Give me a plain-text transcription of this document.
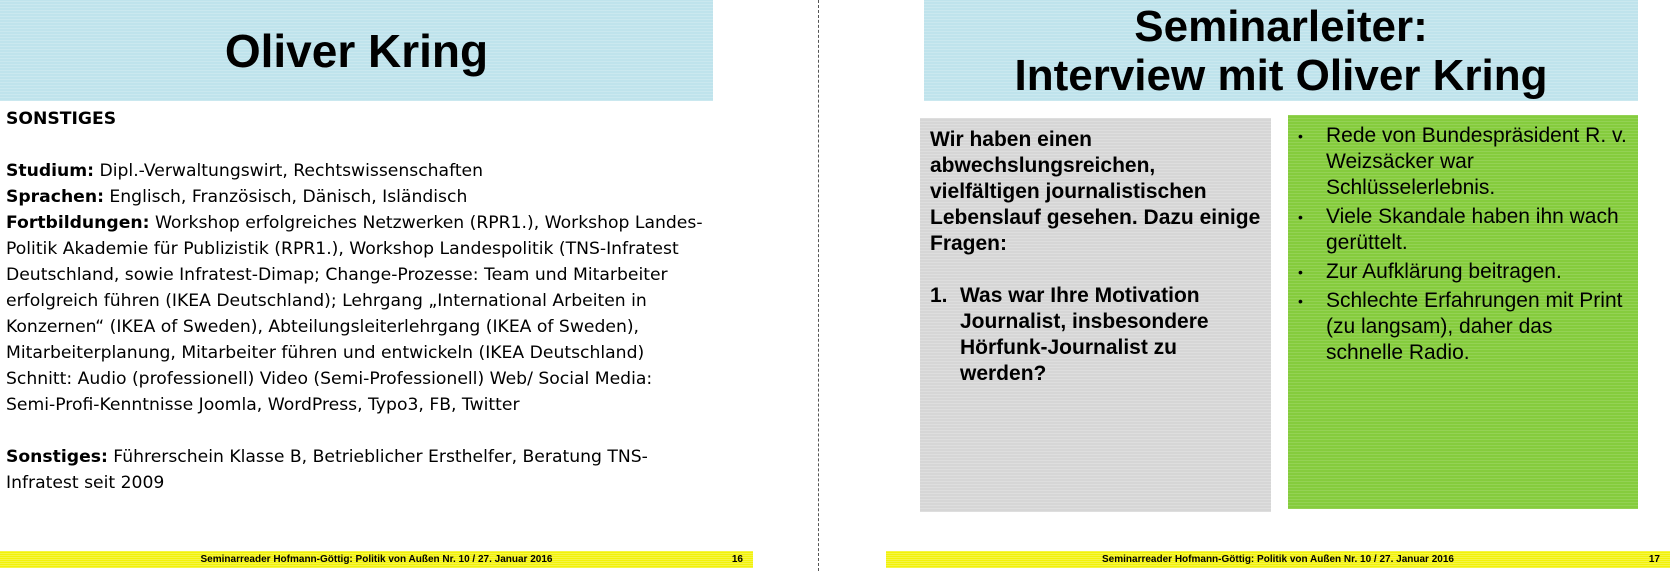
Oliver Kring

SONSTIGES

Studium: Dipl.-Verwaltungswirt, Rechtswissenschaften

Sprachen: Englisch, Französisch, Dänisch, Isländisch

Fortbildungen: Workshop erfolgreiches Netzwerken (RPR1.), Workshop Landes-Politik Akademie für Publizistik (RPR1.), Workshop Landespolitik (TNS-Infratest Deutschland, sowie Infratest-Dimap; Change-Prozesse: Team und Mitarbeiter erfolgreich führen (IKEA Deutschland); Lehrgang „International Arbeiten in Konzernen“ (IKEA of Sweden), Abteilungsleiterlehrgang (IKEA of Sweden), Mitarbeiterplanung, Mitarbeiter führen und entwickeln (IKEA Deutschland) Schnitt: Audio (professionell) Video (Semi-Professionell) Web/ Social Media: Semi-Profi-Kenntnisse Joomla, WordPress, Typo3, FB, Twitter

Sonstiges: Führerschein Klasse B, Betrieblicher Ersthelfer, Beratung TNS-Infratest seit 2009

Seminarreader Hofmann-Göttig: Politik von Außen Nr. 10 / 27. Januar 2016	16
Seminarleiter:
Interview mit Oliver Kring

Wir haben einen abwechslungsreichen, vielfältigen journalistischen Lebenslauf gesehen. Dazu einige Fragen:

1. Was war Ihre Motivation Journalist, insbesondere Hörfunk-Journalist zu werden?
• Rede von Bundespräsident R. v. Weizsäcker war Schlüsselerlebnis.
• Viele Skandale haben ihn wach gerüttelt.
• Zur Aufklärung beitragen.
• Schlechte Erfahrungen mit Print (zu langsam), daher das schnelle Radio.
Seminarreader Hofmann-Göttig: Politik von Außen Nr. 10 / 27. Januar 2016	17
